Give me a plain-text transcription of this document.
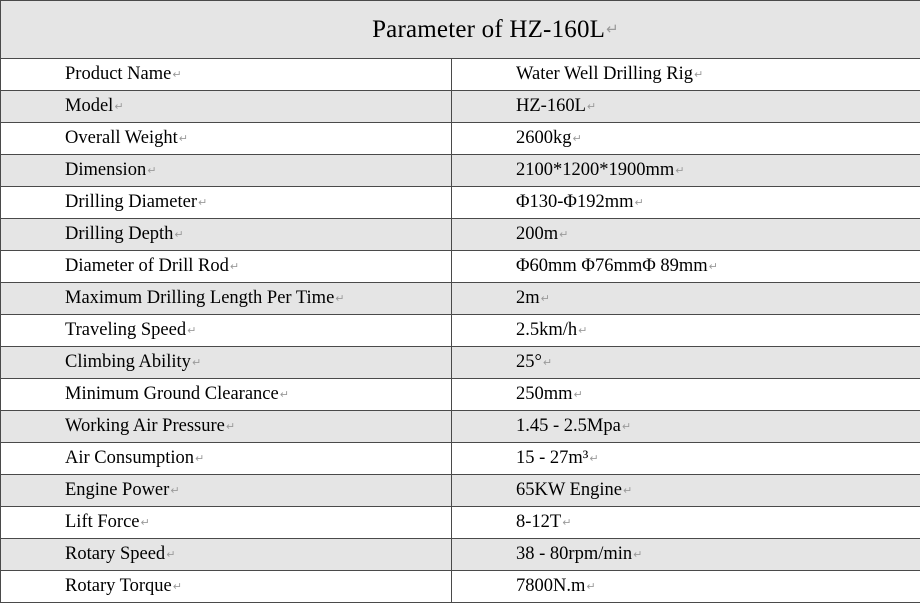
Parameter of HZ-160L↵
Product Name↵	Water Well Drilling Rig↵
Model↵	HZ-160L↵
Overall Weight↵	2600kg↵
Dimension↵	2100*1200*1900mm↵
Drilling Diameter↵	Φ130-Φ192mm↵
Drilling Depth↵	200m↵
Diameter of Drill Rod↵	Φ60mm Φ76mmΦ 89mm↵
Maximum Drilling Length Per Time↵	2m↵
Traveling Speed↵	2.5km/h↵
Climbing Ability↵	25°↵
Minimum Ground Clearance↵	250mm↵
Working Air Pressure↵	1.45 - 2.5Mpa↵
Air Consumption↵	15 - 27m³↵
Engine Power↵	65KW Engine↵
Lift Force↵	8-12T↵
Rotary Speed↵	38 - 80rpm/min↵
Rotary Torque↵	7800N.m↵
